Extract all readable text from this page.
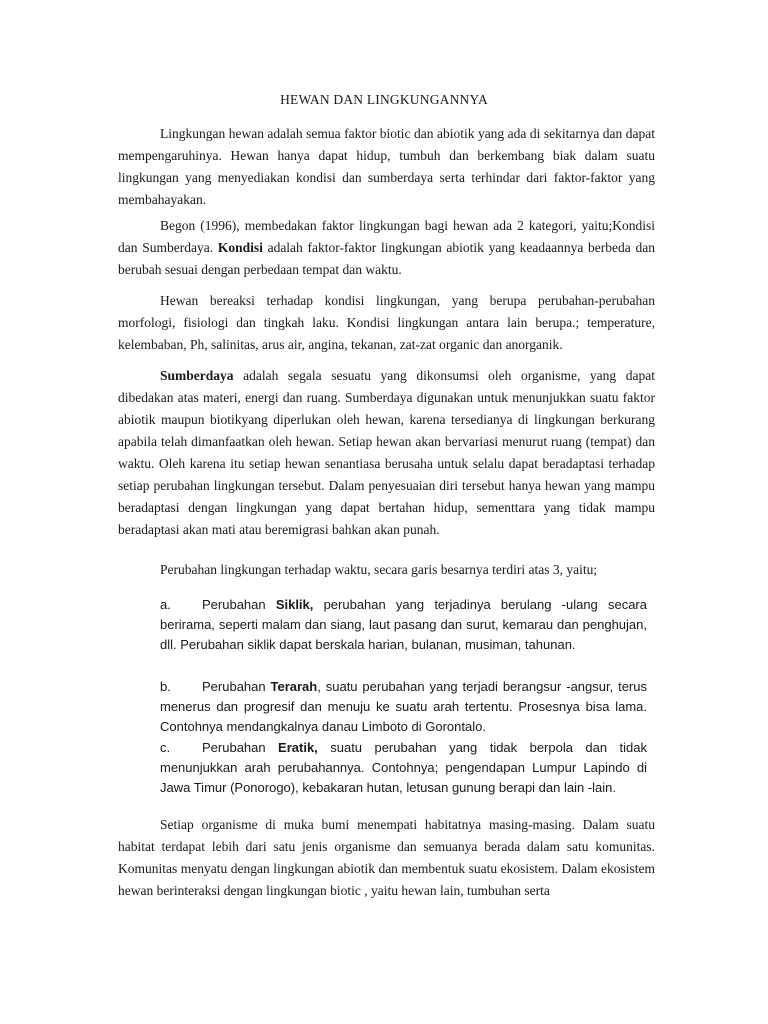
HEWAN DAN LINGKUNGANNYA

Lingkungan hewan adalah semua faktor biotic dan abiotik yang ada di sekitarnya dan dapat mempengaruhinya. Hewan hanya dapat hidup, tumbuh dan berkembang biak dalam suatu lingkungan yang menyediakan kondisi dan sumberdaya serta terhindar dari faktor-faktor yang membahayakan.

Begon (1996), membedakan faktor lingkungan bagi hewan ada 2 kategori, yaitu;Kondisi dan Sumberdaya. Kondisi adalah faktor-faktor lingkungan abiotik yang keadaannya berbeda dan berubah sesuai dengan perbedaan tempat dan waktu.

Hewan bereaksi terhadap kondisi lingkungan, yang berupa perubahan-perubahan morfologi, fisiologi dan tingkah laku. Kondisi lingkungan antara lain berupa.; temperature, kelembaban, Ph, salinitas, arus air, angina, tekanan, zat-zat organic dan anorganik.

Sumberdaya adalah segala sesuatu yang dikonsumsi oleh organisme, yang dapat dibedakan atas materi, energi dan ruang. Sumberdaya digunakan untuk menunjukkan suatu faktor abiotik maupun biotikyang diperlukan oleh hewan, karena tersedianya di lingkungan berkurang apabila telah dimanfaatkan oleh hewan. Setiap hewan akan bervariasi menurut ruang (tempat) dan waktu. Oleh karena itu setiap hewan senantiasa berusaha untuk selalu dapat beradaptasi terhadap setiap perubahan lingkungan tersebut. Dalam penyesuaian diri tersebut hanya hewan yang mampu beradaptasi dengan lingkungan yang dapat bertahan hidup, sementtara yang tidak mampu beradaptasi akan mati atau beremigrasi bahkan akan punah.

Perubahan lingkungan terhadap waktu, secara garis besarnya terdiri atas 3, yaitu;

a. Perubahan Siklik, perubahan yang terjadinya berulang -ulang secara berirama, seperti malam dan siang, laut pasang dan surut, kemarau dan penghujan, dll. Perubahan siklik dapat berskala harian, bulanan, musiman, tahunan.

b. Perubahan Terarah, suatu perubahan yang terjadi berangsur -angsur, terus menerus dan progresif dan menuju ke suatu arah tertentu. Prosesnya bisa lama. Contohnya mendangkalnya danau Limboto di Gorontalo.

c. Perubahan Eratik, suatu perubahan yang tidak berpola dan tidak menunjukkan arah perubahannya. Contohnya; pengendapan Lumpur Lapindo di Jawa Timur (Ponorogo), kebakaran hutan, letusan gunung berapi dan lain -lain.

Setiap organisme di muka bumi menempati habitatnya masing-masing. Dalam suatu habitat terdapat lebih dari satu jenis organisme dan semuanya berada dalam satu komunitas. Komunitas menyatu dengan lingkungan abiotik dan membentuk suatu ekosistem. Dalam ekosistem hewan berinteraksi dengan lingkungan biotic , yaitu hewan lain, tumbuhan serta
